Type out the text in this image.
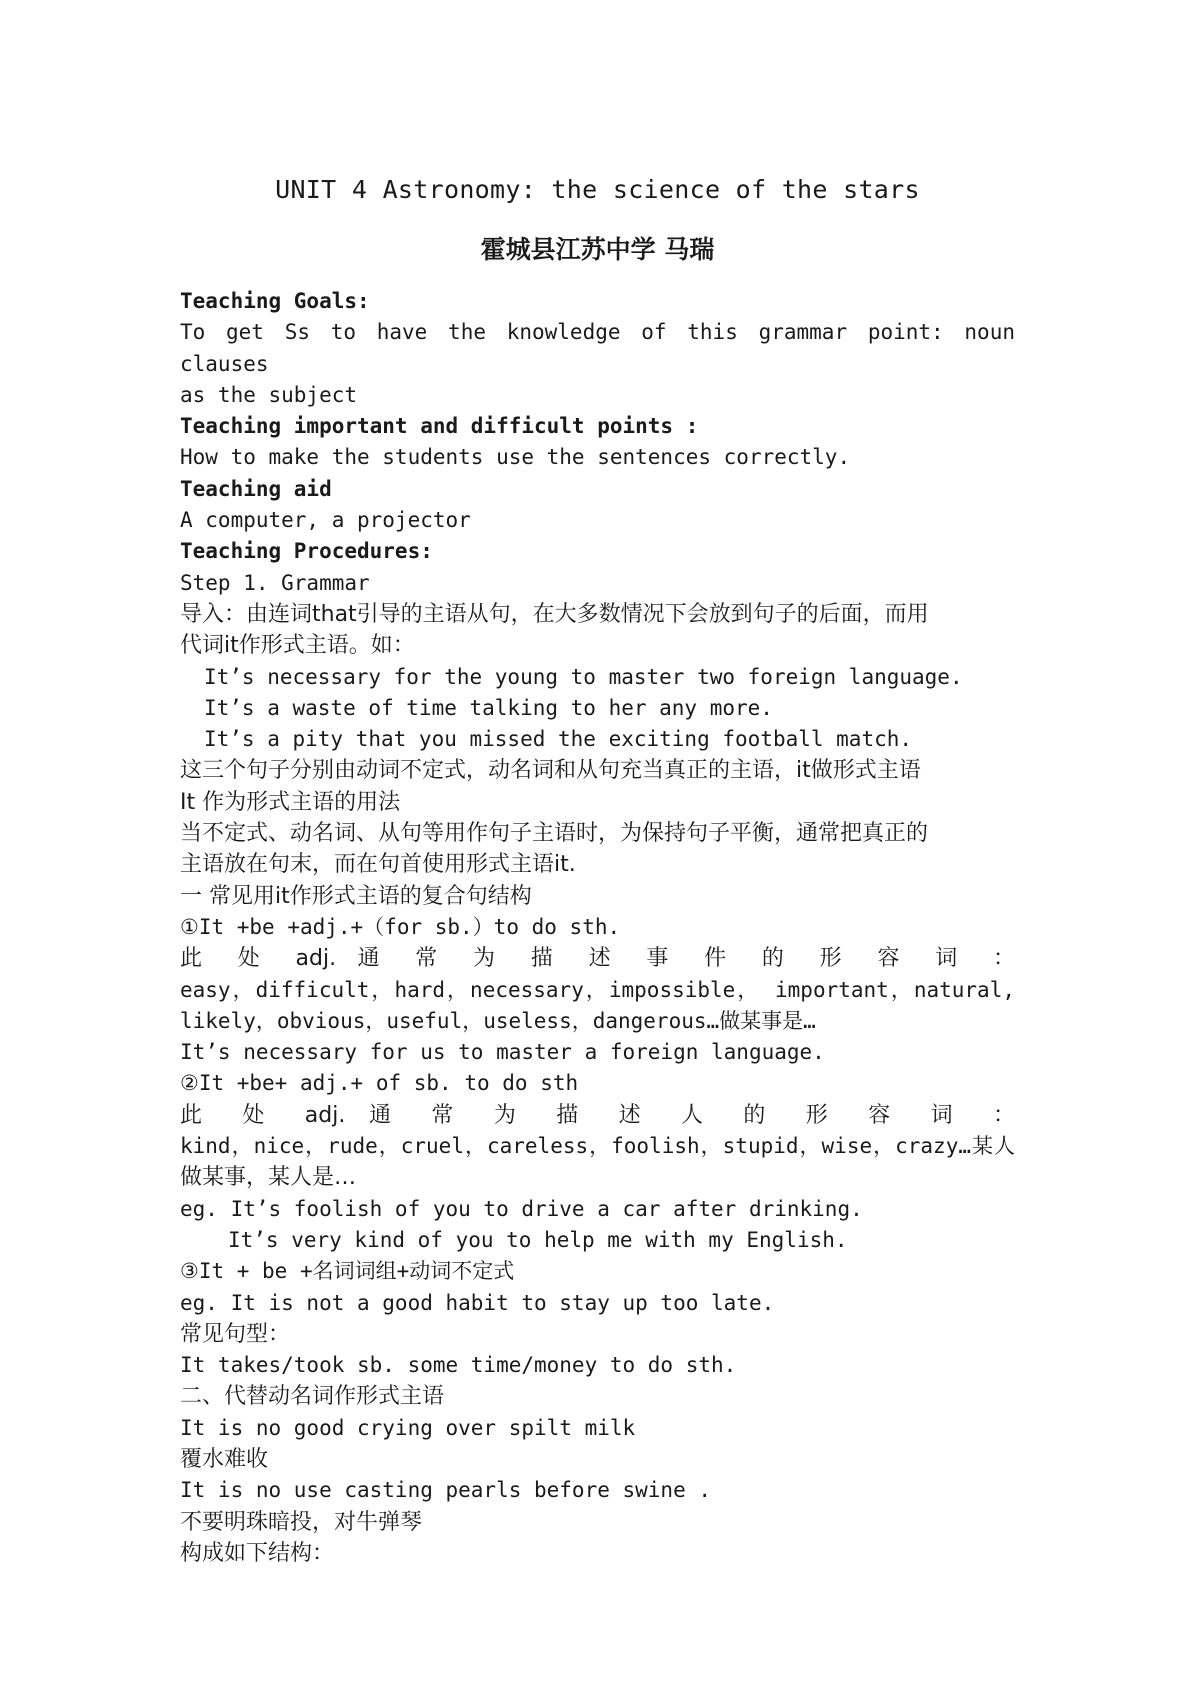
UNIT 4 Astronomy: the science of the stars
霍城县江苏中学 马瑞
Teaching Goals:
To get Ss to have the knowledge of this grammar point: noun clauses
as the subject
Teaching important and difficult points :
How to make the students use the sentences correctly.
Teaching aid
A computer, a projector
Teaching Procedures:
Step 1. Grammar
导入：由连词that引导的主语从句，在大多数情况下会放到句子的后面，而用
代词it作形式主语。如：
It’s necessary for the young to master two foreign language.
It’s a waste of time talking to her any more.
It’s a pity that you missed the exciting football match.
这三个句子分别由动词不定式，动名词和从句充当真正的主语，it做形式主语
It 作为形式主语的用法
当不定式、动名词、从句等用作句子主语时，为保持句子平衡，通常把真正的
主语放在句末，而在句首使用形式主语it.
一 常见用it作形式主语的复合句结构
①It +be +adj.+（for sb.）to do sth.
此 处 adj. 通 常 为 描 述 事 件 的 形 容 词 ：
easy，difficult，hard，necessary，impossible， important，natural,
likely，obvious，useful，useless，dangerous…做某事是…
It’s necessary for us to master a foreign language.
②It +be+ adj.+ of sb. to do sth
此 处 adj. 通 常 为 描 述 人 的 形 容 词 ：
kind，nice，rude，cruel，careless，foolish，stupid，wise，crazy…某人
做某事，某人是…
eg. It’s foolish of you to drive a car after drinking.
It’s very kind of you to help me with my English.
③It + be +名词词组+动词不定式
eg. It is not a good habit to stay up too late.
常见句型：
It takes/took sb. some time/money to do sth.
二、代替动名词作形式主语
It is no good crying over spilt milk
覆水难收
It is no use casting pearls before swine .
不要明珠暗投，对牛弹琴
构成如下结构：
